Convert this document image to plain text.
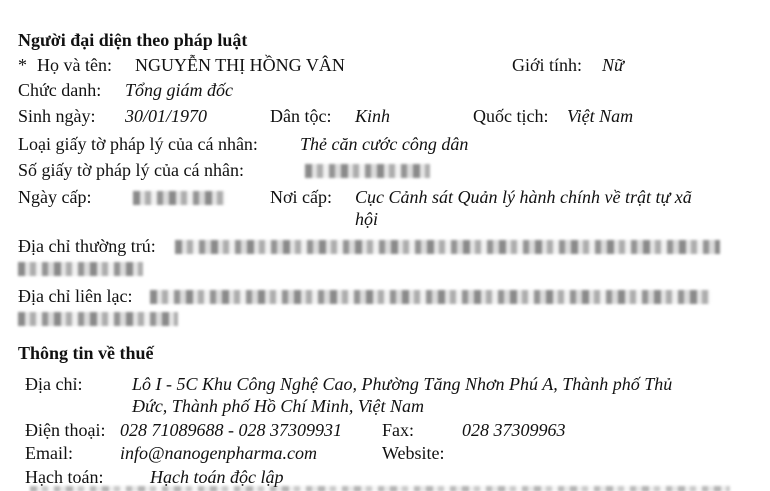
Người đại diện theo pháp luật
* Họ và tên: NGUYỄN THỊ HỒNG VÂN	Giới tính: Nữ
Chức danh: Tổng giám đốc
Sinh ngày: 30/01/1970	Dân tộc: Kinh	Quốc tịch: Việt Nam
Loại giấy tờ pháp lý của cá nhân: Thẻ căn cước công dân
Số giấy tờ pháp lý của cá nhân:
Ngày cấp:	Nơi cấp: Cục Cảnh sát Quản lý hành chính về trật tự xã
hội
Địa chỉ thường trú:
Địa chỉ liên lạc:
Thông tin về thuế
Địa chỉ:	Lô I - 5C Khu Công Nghệ Cao, Phường Tăng Nhơn Phú A, Thành phố Thủ
Đức, Thành phố Hồ Chí Minh, Việt Nam
Điện thoại: 028 71089688 - 028 37309931 Fax:	028 37309963
Email:	info@nanogenpharma.com	Website:
Hạch toán:	Hạch toán độc lập
